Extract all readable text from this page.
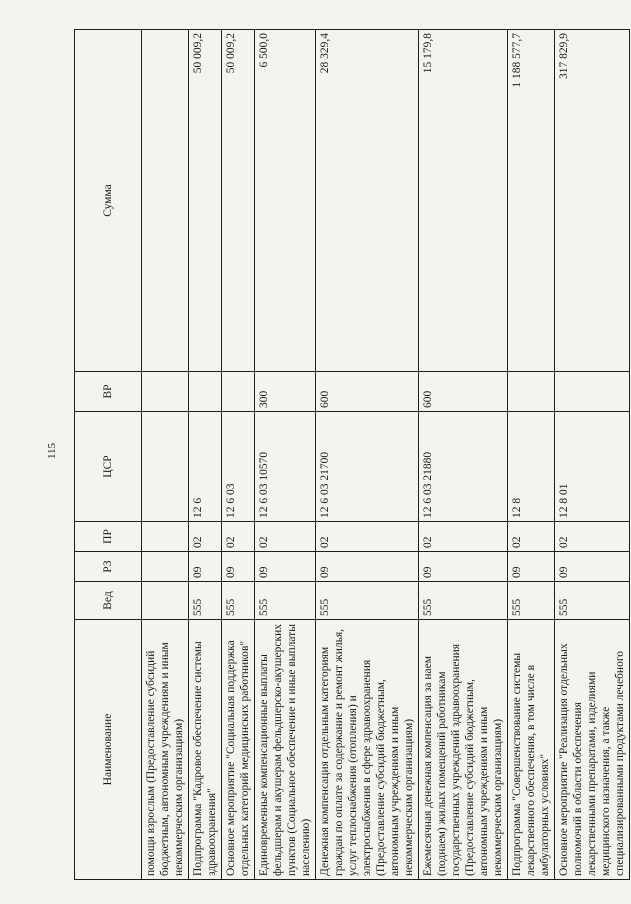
115
Наименование	Вед	РЗ	ПР	ЦСР	ВР	Сумма
помощи взрослым (Предоставление субсидий бюджетным, автономным учреждениям и иным некоммерческим организациям)						
Подпрограмма "Кадровое обеспечение системы здравоохранения"	555	09	02	12 6		50 009,2
Основное мероприятие "Социальная поддержка отдельных категорий медицинских работников"	555	09	02	12 6 03		50 009,2
Единовременные компенсационные выплаты фельдшерам и акушерам фельдшерско-акушерских пунктов (Социальное обеспечение и иные выплаты населению)	555	09	02	12 6 03 10570	300	6 500,0
Денежная компенсация отдельным категориям граждан по оплате за содержание и ремонт жилья, услуг теплоснабжения (отопления) и электроснабжения в сфере здравоохранения (Предоставление субсидий бюджетным, автономным учреждениям и иным некоммерческим организациям)	555	09	02	12 6 03 21700	600	28 329,4
Ежемесячная денежная компенсация за наем (поднаем) жилых помещений работникам государственных учреждений здравоохранения (Предоставление субсидий бюджетным, автономным учреждениям и иным некоммерческим организациям)	555	09	02	12 6 03 21880	600	15 179,8
Подпрограмма "Совершенствование системы лекарственного обеспечения, в том числе в амбулаторных условиях"	555	09	02	12 8		1 188 577,7
Основное мероприятие "Реализация отдельных полномочий в области обеспечения лекарственными препаратами, изделиями медицинского назначения, а также специализированными продуктами лечебного	555	09	02	12 8 01		317 829,9
